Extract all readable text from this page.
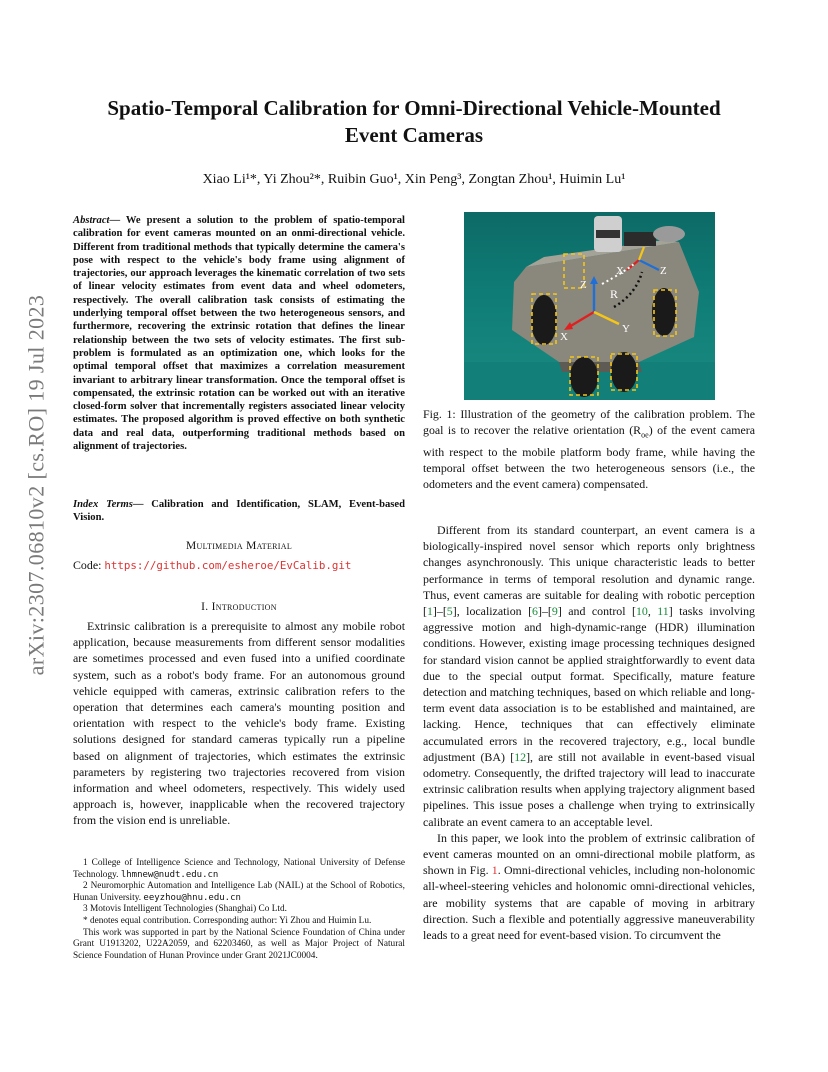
arXiv:2307.06810v2 [cs.RO] 19 Jul 2023
Spatio-Temporal Calibration for Omni-Directional Vehicle-Mounted Event Cameras
Xiao Li¹*, Yi Zhou²*, Ruibin Guo¹, Xin Peng³, Zongtan Zhou¹, Huimin Lu¹
Abstract— We present a solution to the problem of spatio-temporal calibration for event cameras mounted on an onmi-directional vehicle. Different from traditional methods that typically determine the camera's pose with respect to the vehicle's body frame using alignment of trajectories, our approach leverages the kinematic correlation of two sets of linear velocity estimates from event data and wheel odometers, respectively. The overall calibration task consists of estimating the underlying temporal offset between the two heterogeneous sensors, and furthermore, recovering the extrinsic rotation that defines the linear relationship between the two sets of velocity estimates. The first sub-problem is formulated as an optimization one, which looks for the optimal temporal offset that maximizes a correlation measurement invariant to arbitrary linear transformation. Once the temporal offset is compensated, the extrinsic rotation can be worked out with an iterative closed-form solver that incrementally registers associated linear velocity estimates. The proposed algorithm is proved effective on both synthetic data and real data, outperforming traditional methods based on alignment of trajectories.
Index Terms— Calibration and Identification, SLAM, Event-based Vision.
Multimedia Material
Code: https://github.com/esheroe/EvCalib.git
I. Introduction
Extrinsic calibration is a prerequisite to almost any mobile robot application, because measurements from different sensor modalities are sometimes processed and even fused into a unified coordinate system, such as a robot's body frame. For an autonomous ground vehicle equipped with cameras, extrinsic calibration refers to the operation that determines each camera's mounting position and orientation with respect to the vehicle's body frame. Existing solutions designed for standard cameras typically run a pipeline based on alignment of trajectories, which estimates the extrinsic parameters by registering two trajectories recovered from vision information and wheel odometers, respectively. This widely used approach is, however, inapplicable when the recovered trajectory from the vision end is unreliable.

1 College of Intelligence Science and Technology, National University of Defense Technology. lhmnew@nudt.edu.cn

2 Neuromorphic Automation and Intelligence Lab (NAIL) at the School of Robotics, Hunan University. eeyzhou@hnu.edu.cn

3 Motovis Intelligent Technologies (Shanghai) Co Ltd.

* denotes equal contribution. Corresponding author: Yi Zhou and Huimin Lu.

This work was supported in part by the National Science Foundation of China under Grant U1913202, U22A2059, and 62203460, as well as Major Project of Natural Science Foundation of Hunan Province under Grant 2021JC0004.

Z
X
Y
X	Z
R
Fig. 1: Illustration of the geometry of the calibration problem. The goal is to recover the relative orientation $(R_{oe})$ of the event camera with respect to the mobile platform body frame, while having the temporal offset between the two heterogeneous sensors (i.e., the odometers and the event camera) compensated.

Different from its standard counterpart, an event camera is a biologically-inspired novel sensor which reports only brightness changes asynchronously. This unique characteristic leads to better performance in terms of temporal resolution and dynamic range. Thus, event cameras are suitable for dealing with robotic perception [1]–[5], localization [6]–[9] and control [10, 11] tasks involving aggressive motion and high-dynamic-range (HDR) illumination conditions. However, existing image processing techniques designed for standard vision cannot be applied straightforwardly to event data due to the special output format. Specifically, mature feature detection and matching techniques, based on which reliable and long-term event data association is to be established and maintained, are lacking. Hence, techniques that can effectively eliminate accumulated errors in the recovered trajectory, e.g., local bundle adjustment (BA) [12], are still not available in event-based visual odometry. Consequently, the drifted trajectory will lead to inaccurate extrinsic calibration results when applying trajectory alignment based pipelines. This issue poses a challenge when trying to extrinsically calibrate an event camera to an acceptable level.

In this paper, we look into the problem of extrinsic calibration of event cameras mounted on an omni-directional mobile platform, as shown in Fig. 1. Omni-directional vehicles, including non-holonomic all-wheel-steering vehicles and holonomic omni-directional vehicles, are mobility systems that are capable of moving in arbitrary direction. Such a flexible and potentially aggressive maneuverability leads to a great need for event-based vision. To circumvent the
